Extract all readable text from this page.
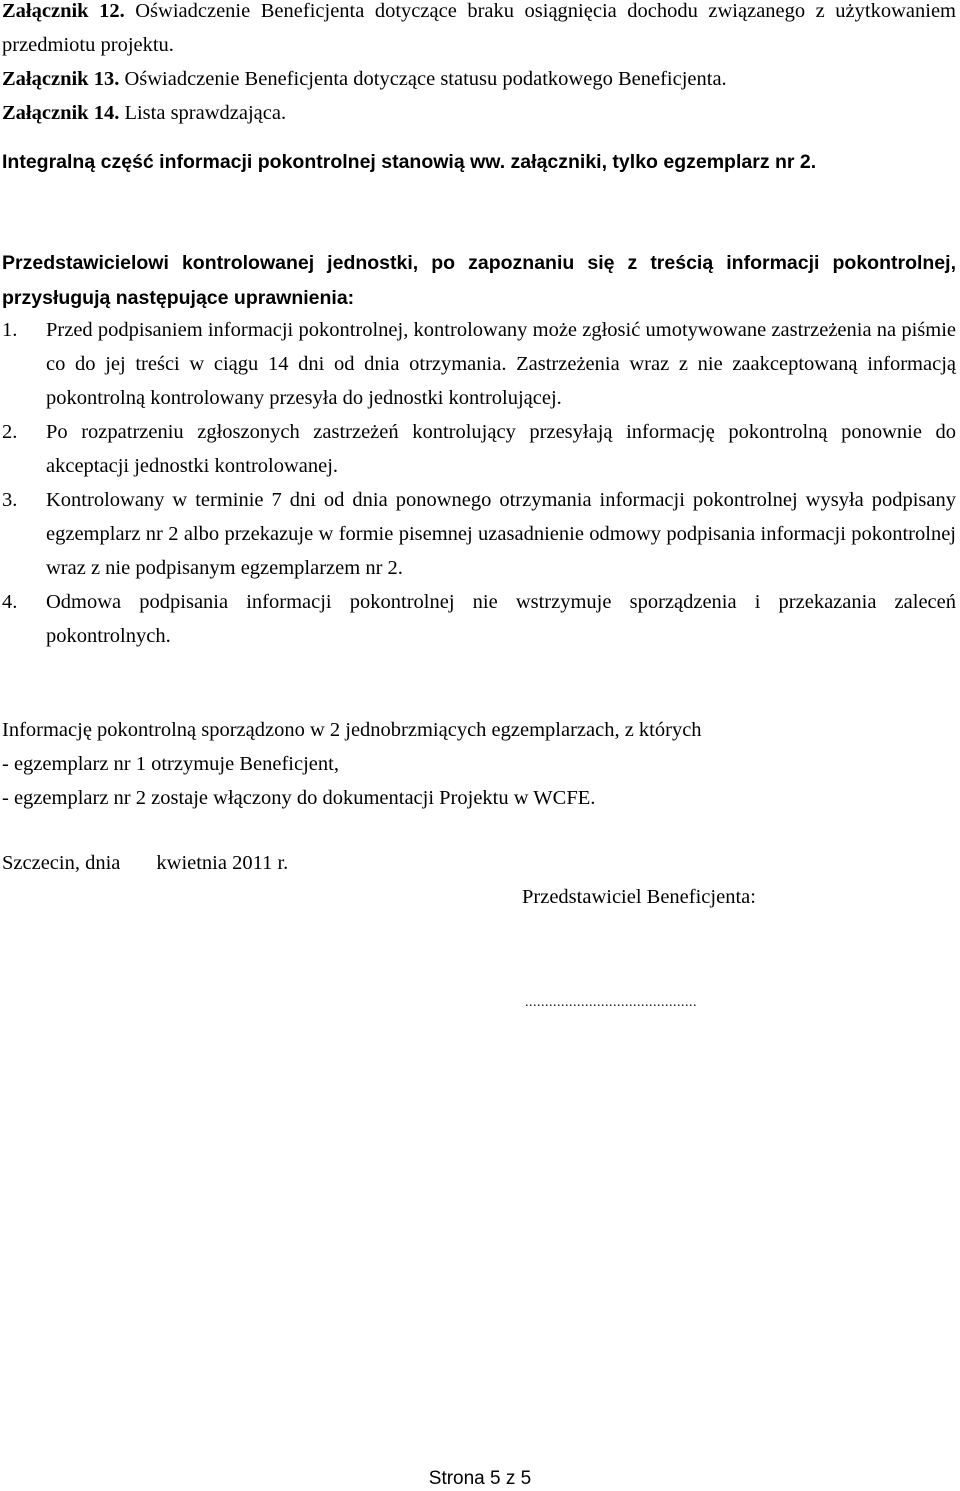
Załącznik 12. Oświadczenie Beneficjenta dotyczące braku osiągnięcia dochodu związanego z użytkowaniem przedmiotu projektu.

Załącznik 13. Oświadczenie Beneficjenta dotyczące statusu podatkowego Beneficjenta.

Załącznik 14. Lista sprawdzająca.

Integralną część informacji pokontrolnej stanowią ww. załączniki, tylko egzemplarz nr 2.
Przedstawicielowi kontrolowanej jednostki, po zapoznaniu się z treścią informacji pokontrolnej, przysługują następujące uprawnienia:
1. Przed podpisaniem informacji pokontrolnej, kontrolowany może zgłosić umotywowane zastrzeżenia na piśmie co do jej treści w ciągu 14 dni od dnia otrzymania. Zastrzeżenia wraz z nie zaakceptowaną informacją pokontrolną kontrolowany przesyła do jednostki kontrolującej.
2. Po rozpatrzeniu zgłoszonych zastrzeżeń kontrolujący przesyłają informację pokontrolną ponownie do akceptacji jednostki kontrolowanej.
3. Kontrolowany w terminie 7 dni od dnia ponownego otrzymania informacji pokontrolnej wysyła podpisany egzemplarz nr 2 albo przekazuje w formie pisemnej uzasadnienie odmowy podpisania informacji pokontrolnej wraz z nie podpisanym egzemplarzem nr 2.
4. Odmowa podpisania informacji pokontrolnej nie wstrzymuje sporządzenia i przekazania zaleceń pokontrolnych.

Informację pokontrolną sporządzono w 2 jednobrzmiących egzemplarzach, z których

- egzemplarz nr 1 otrzymuje Beneficjent,

- egzemplarz nr 2 zostaje włączony do dokumentacji Projektu w WCFE.

Szczecin, dnia kwietnia 2011 r.
Przedstawiciel Beneficjenta:
...........................................
Strona 5 z 5
